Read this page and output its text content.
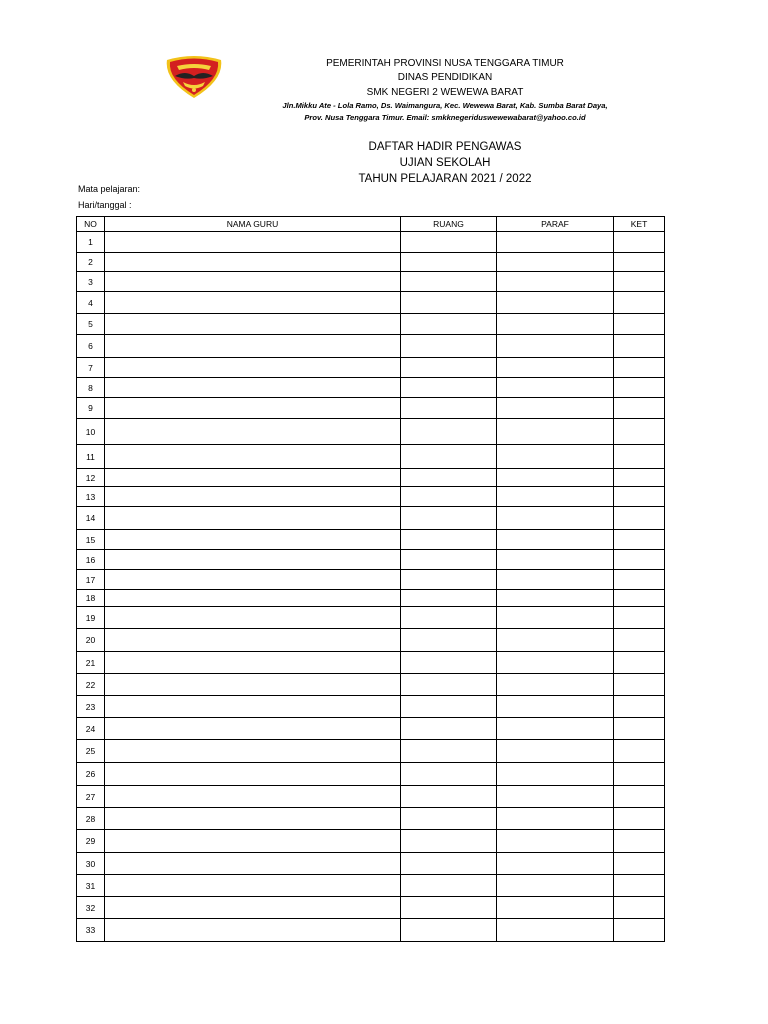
PEMERINTAH PROVINSI NUSA TENGGARA TIMUR
DINAS PENDIDIKAN
SMK NEGERI 2 WEWEWA BARAT
Jln.Mikku Ate - Lola Ramo, Ds. Waimangura, Kec. Wewewa Barat, Kab. Sumba Barat Daya,
Prov. Nusa Tenggara Timur. Email: smkknegeriduswewewabarat@yahoo.co.id
DAFTAR HADIR PENGAWAS
UJIAN SEKOLAH
TAHUN PELAJARAN 2021 / 2022
Mata pelajaran:
Hari/tanggal :
NO	NAMA GURU	RUANG	PARAF	KET
1				
2				
3				
4				
5				
6				
7				
8				
9				
10				
11				
12				
13				
14				
15				
16				
17				
18				
19				
20				
21				
22				
23				
24				
25				
26				
27				
28				
29				
30				
31				
32				
33				
